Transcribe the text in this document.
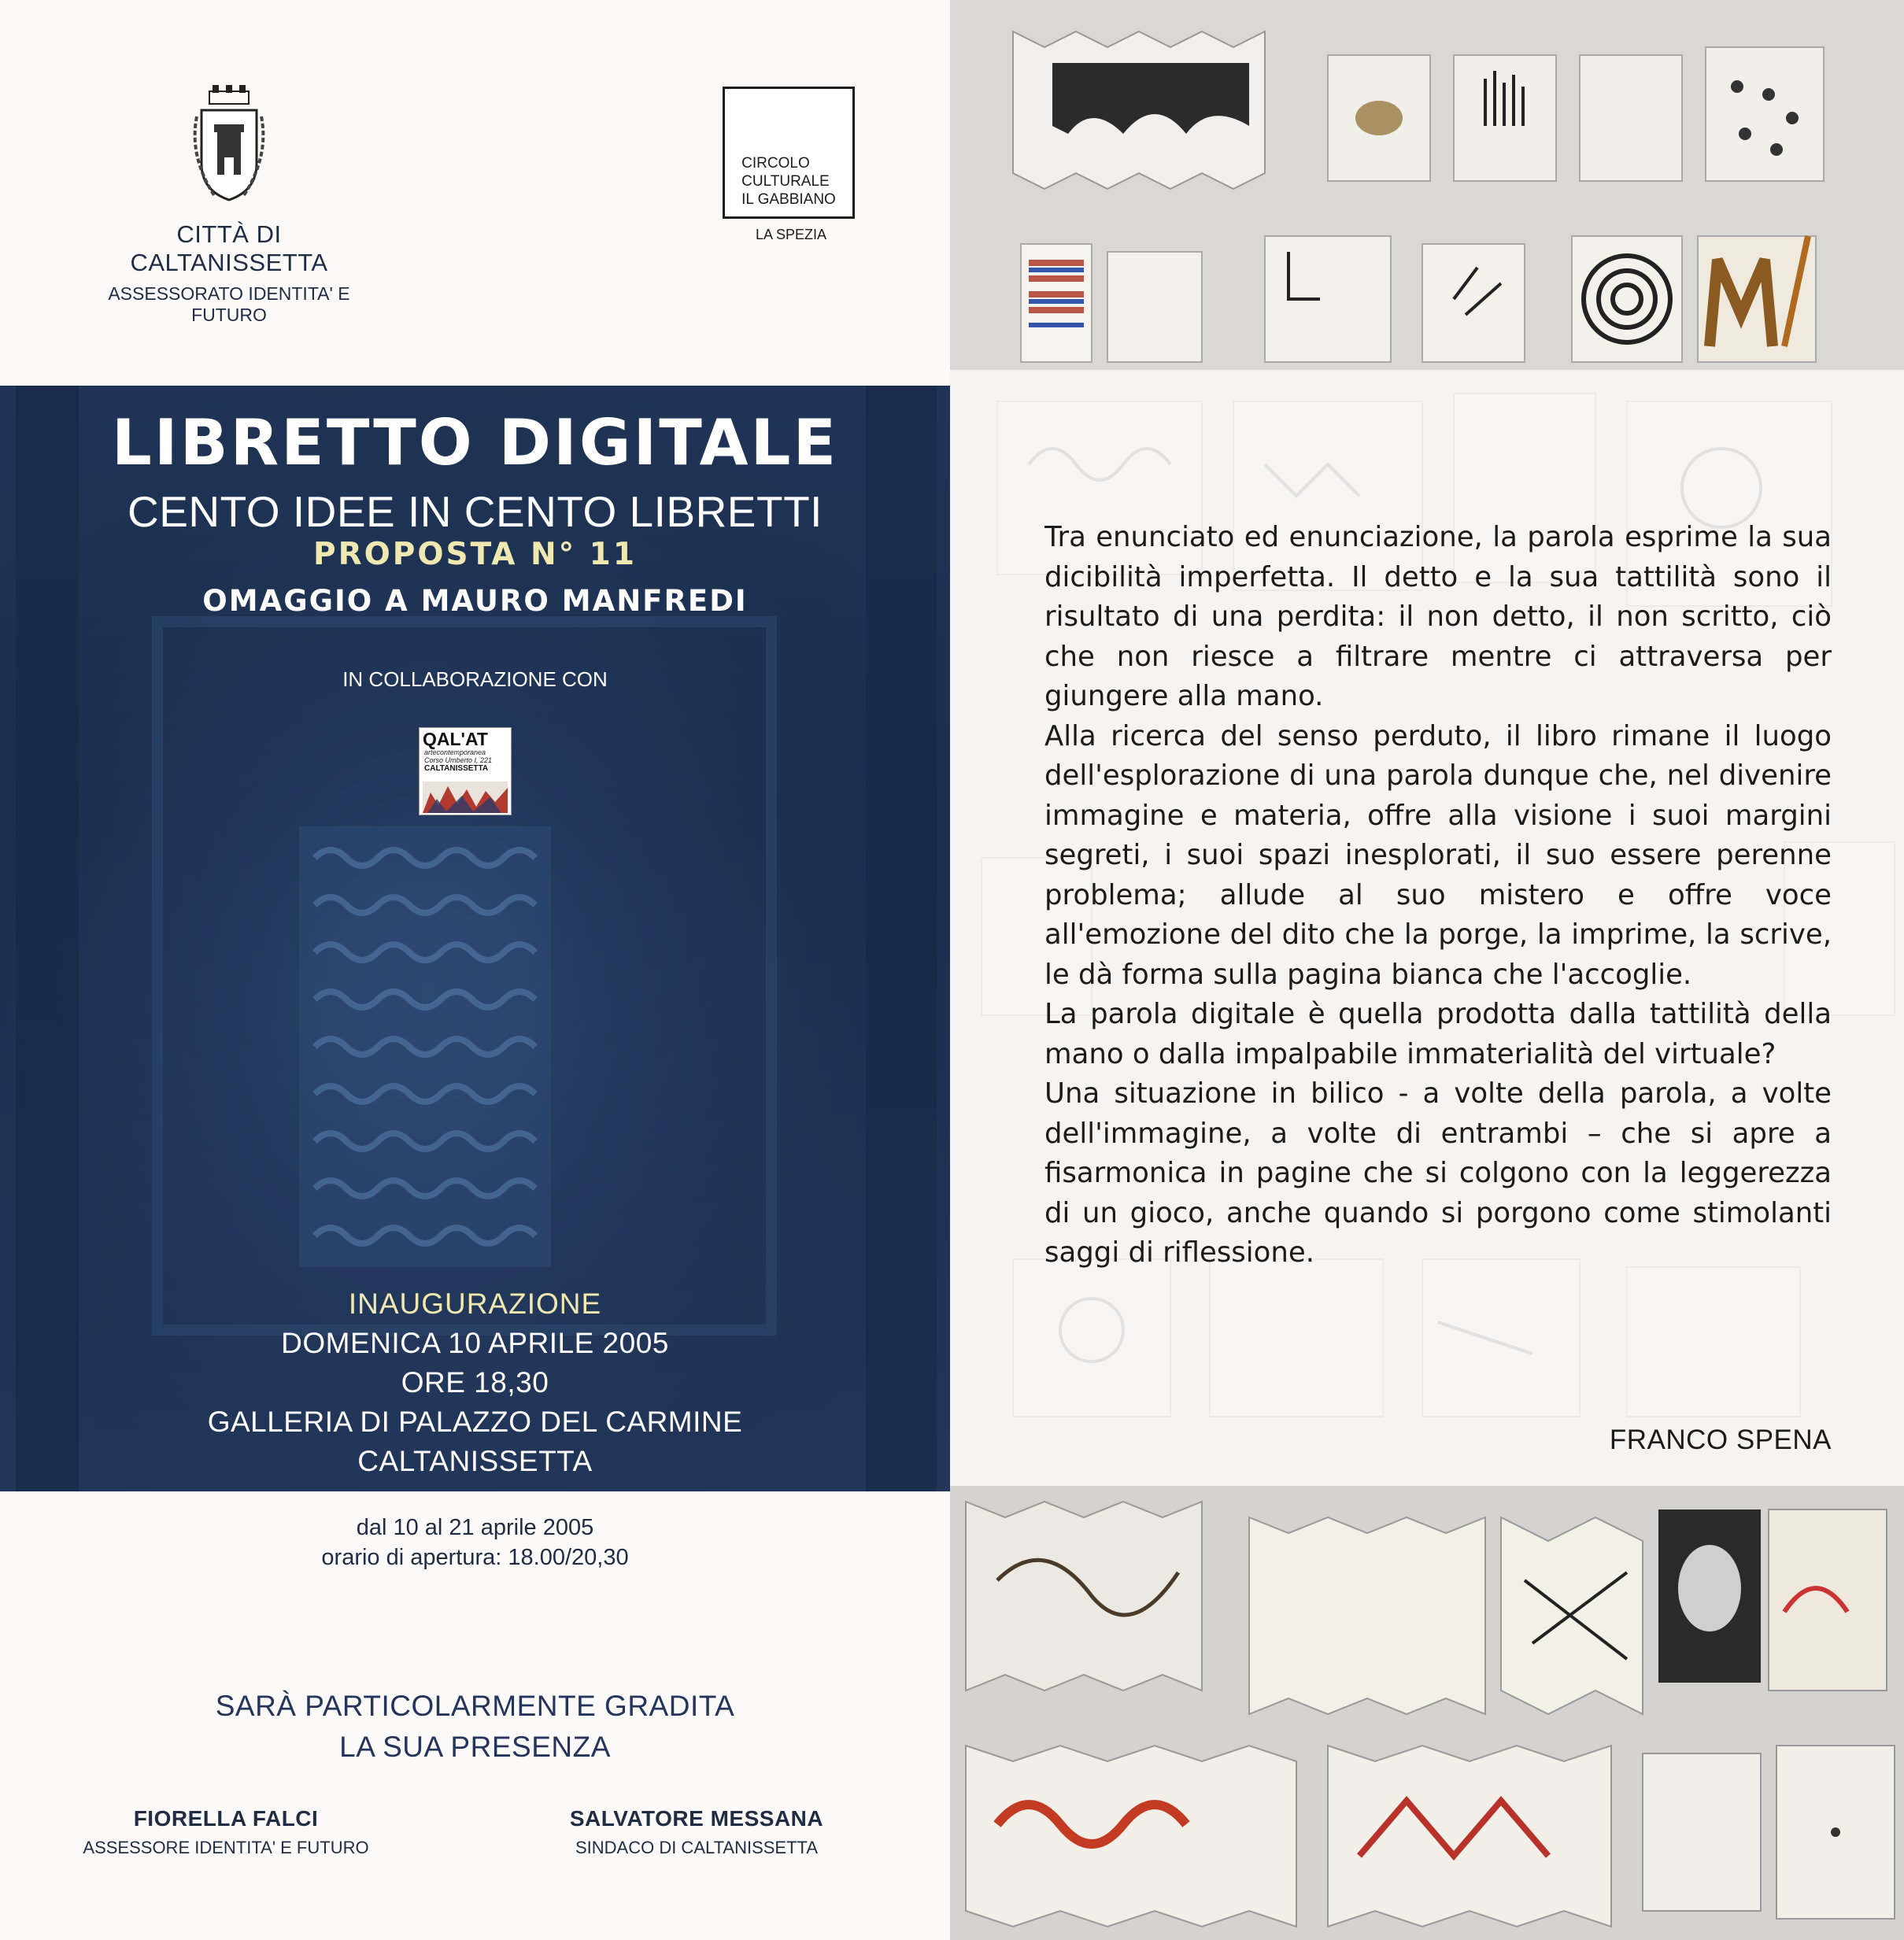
CITTÀ DI CALTANISSETTA
ASSESSORATO IDENTITA' E FUTURO
CIRCOLO
CULTURALE
IL GABBIANO
LA SPEZIA
LIBRETTO DIGITALE
CENTO IDEE IN CENTO LIBRETTI
PROPOSTA N° 11
OMAGGIO A MAURO MANFREDI
IN COLLABORAZIONE CON
QAL'AT
artecontemporanea
Corso Umberto I, 221
CALTANISSETTA
INAUGURAZIONE
DOMENICA 10 APRILE 2005
ORE 18,30
GALLERIA DI PALAZZO DEL CARMINE
CALTANISSETTA
dal 10 al 21 aprile 2005
orario di apertura: 18.00/20,30
SARÀ PARTICOLARMENTE GRADITA
LA SUA PRESENZA
FIORELLA FALCI
ASSESSORE IDENTITA' E FUTURO
SALVATORE MESSANA
SINDACO DI CALTANISSETTA

Tra enunciato ed enunciazione, la parola esprime la sua dicibilità imperfetta. Il detto e la sua tattilità sono il risultato di una perdita: il non detto, il non scritto, ciò che non riesce a filtrare mentre ci attraversa per giungere alla mano.

Alla ricerca del senso perduto, il libro rimane il luogo dell'esplorazione di una parola dunque che, nel divenire immagine e materia, offre alla visione i suoi margini segreti, i suoi spazi inesplorati, il suo essere perenne problema; allude al suo mistero e offre voce all'emozione del dito che la porge, la imprime, la scrive, le dà forma sulla pagina bianca che l'accoglie.

La parola digitale è quella prodotta dalla tattilità della mano o dalla impalpabile immaterialità del virtuale?

Una situazione in bilico - a volte della parola, a volte dell'immagine, a volte di entrambi – che si apre a fisarmonica in pagine che si colgono con la leggerezza di un gioco, anche quando si porgono come stimolanti saggi di riflessione.

FRANCO SPENA
